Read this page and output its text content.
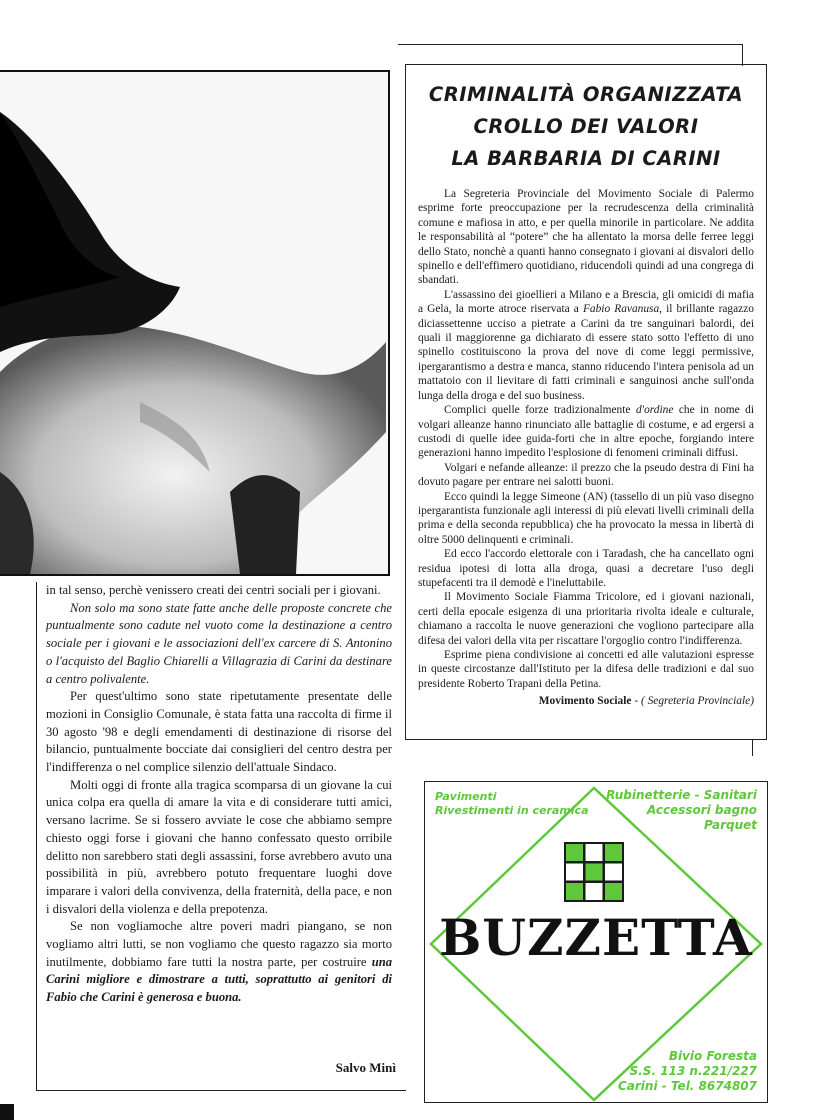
in tal senso, perchè venissero creati dei centri sociali per i giovani.

Non solo ma sono state fatte anche delle proposte concrete che puntualmente sono cadute nel vuoto come la destinazione a centro sociale per i giovani e le associazioni dell'ex carcere di S. Antonino o l'acquisto del Baglio Chiarelli a Villagrazia di Carini da destinare a centro polivalente.

Per quest'ultimo sono state ripetutamente presentate delle mozioni in Consiglio Comunale, è stata fatta una raccolta di firme il 30 agosto '98 e degli emendamenti di destinazione di risorse del bilancio, puntualmente bocciate dai consiglieri del centro destra per l'indifferenza o nel complice silenzio dell'attuale Sindaco.

Molti oggi di fronte alla tragica scomparsa di un giovane la cui unica colpa era quella di amare la vita e di considerare tutti amici, versano lacrime. Se si fossero avviate le cose che abbiamo sempre chiesto oggi forse i giovani che hanno confessato questo orribile delitto non sarebbero stati degli assassini, forse avrebbero avuto una possibilità in più, avrebbero potuto frequentare luoghi dove imparare i valori della convivenza, della fraternità, della pace, e non i disvalori della violenza e della prepotenza.

Se non vogliamoche altre poveri madri piangano, se non vogliamo altri lutti, se non vogliamo che questo ragazzo sia morto inutilmente, dobbiamo fare tutti la nostra parte, per costruire una Carini migliore e dimostrare a tutti, soprattutto ai genitori di Fabio che Carini è generosa e buona.

Salvo Minì
CRIMINALITÀ ORGANIZZATA
CROLLO DEI VALORI
LA BARBARIA DI CARINI

La Segreteria Provinciale del Movimento Sociale di Palermo esprime forte preoccupazione per la recrudescenza della criminalità comune e mafiosa in atto, e per quella minorile in particolare. Ne addita le responsabilità al “potere” che ha allentato la morsa delle ferree leggi dello Stato, nonchè a quanti hanno consegnato i giovani ai disvalori dello spinello e dell'effimero quotidiano, riducendoli quindi ad una congrega di sbandati.

L'assassino dei gioellieri a Milano e a Brescia, gli omicidi di mafia a Gela, la morte atroce riservata a Fabio Ravanusa, il brillante ragazzo diciassettenne ucciso a pietrate a Carini da tre sanguinari balordi, dei quali il maggiorenne ga dichiarato di essere stato sotto l'effetto di uno spinello costituiscono la prova del nove di come leggi permissive, ipergarantismo a destra e manca, stanno riducendo l'intera penisola ad un mattatoio con il lievitare di fatti criminali e sanguinosi anche sull'onda lunga della droga e del suo business.

Complici quelle forze tradizionalmente d'ordine che in nome di volgari alleanze hanno rinunciato alle battaglie di costume, e ad ergersi a custodi di quelle idee guida-forti che in altre epoche, forgiando intere generazioni hanno impedito l'esplosione di fenomeni criminali diffusi.

Volgari e nefande alleanze: il prezzo che la pseudo destra di Fini ha dovuto pagare per entrare nei salotti buoni.

Ecco quindi la legge Simeone (AN) (tassello di un più vaso disegno ipergarantista funzionale agli interessi di più elevati livelli criminali della prima e della seconda repubblica) che ha provocato la messa in libertà di oltre 5000 delinquenti e criminali.

Ed ecco l'accordo elettorale con i Taradash, che ha cancellato ogni residua ipotesi di lotta alla droga, quasi a decretare l'uso degli stupefacenti tra il demodè e l'ineluttabile.

Il Movimento Sociale Fiamma Tricolore, ed i giovani nazionali, certi della epocale esigenza di una prioritaria rivolta ideale e culturale, chiamano a raccolta le nuove generazioni che vogliono partecipare alla difesa dei valori della vita per riscattare l'orgoglio contro l'indifferenza.

Esprime piena condivisione ai concetti ed alle valutazioni espresse in queste circostanze dall'Istituto per la difesa delle tradizioni e dal suo presidente Roberto Trapani della Petina.

Movimento Sociale - ( Segreteria Provinciale)
Pavimenti
Rivestimenti in ceramica
Rubinetterie - Sanitari
Accessori bagno
Parquet
BUZZETTA
Bivio Foresta
S.S. 113 n.221/227
Carini - Tel. 8674807
